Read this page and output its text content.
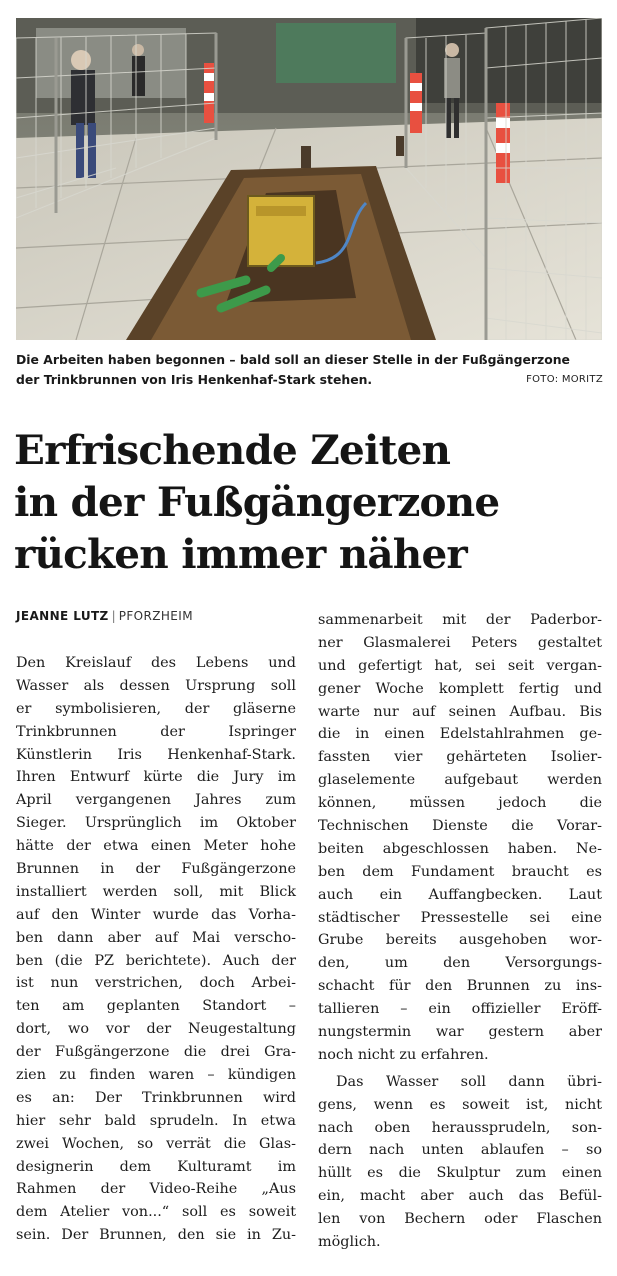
Die Arbeiten haben begonnen – bald soll an dieser Stelle in der Fußgängerzone
der Trinkbrunnen von Iris Henkenhaf-Stark stehen.	FOTO: MORITZ
Erfrischende Zeiten
in der Fußgängerzone
rücken immer näher
JEANNE LUTZ | PFORZHEIM
Den Kreislauf des Lebens und
Wasser als dessen Ursprung soll
er symbolisieren, der gläserne
Trinkbrunnen der Ispringer
Künstlerin Iris Henkenhaf-Stark.
Ihren Entwurf kürte die Jury im
April vergangenen Jahres zum
Sieger. Ursprünglich im Oktober
hätte der etwa einen Meter hohe
Brunnen in der Fußgängerzone
installiert werden soll, mit Blick
auf den Winter wurde das Vorha-
ben dann aber auf Mai verscho-
ben (die PZ berichtete). Auch der
ist nun verstrichen, doch Arbei-
ten am geplanten Standort –
dort, wo vor der Neugestaltung
der Fußgängerzone die drei Gra-
zien zu finden waren – kündigen
es an: Der Trinkbrunnen wird
hier sehr bald sprudeln. In etwa
zwei Wochen, so verrät die Glas-
designerin dem Kulturamt im
Rahmen der Video-Reihe „Aus
dem Atelier von...“ soll es soweit
sein. Der Brunnen, den sie in Zu-
sammenarbeit mit der Paderbor-
ner Glasmalerei Peters gestaltet
und gefertigt hat, sei seit vergan-
gener Woche komplett fertig und
warte nur auf seinen Aufbau. Bis
die in einen Edelstahlrahmen ge-
fassten vier gehärteten Isolier-
glaselemente aufgebaut werden
können, müssen jedoch die
Technischen Dienste die Vorar-
beiten abgeschlossen haben. Ne-
ben dem Fundament braucht es
auch ein Auffangbecken. Laut
städtischer Pressestelle sei eine
Grube bereits ausgehoben wor-
den, um den Versorgungs-
schacht für den Brunnen zu ins-
tallieren – ein offizieller Eröff-
nungstermin war gestern aber
noch nicht zu erfahren.
Das Wasser soll dann übri-
gens, wenn es soweit ist, nicht
nach oben heraussprudeln, son-
dern nach unten ablaufen – so
hüllt es die Skulptur zum einen
ein, macht aber auch das Befül-
len von Bechern oder Flaschen
möglich.
